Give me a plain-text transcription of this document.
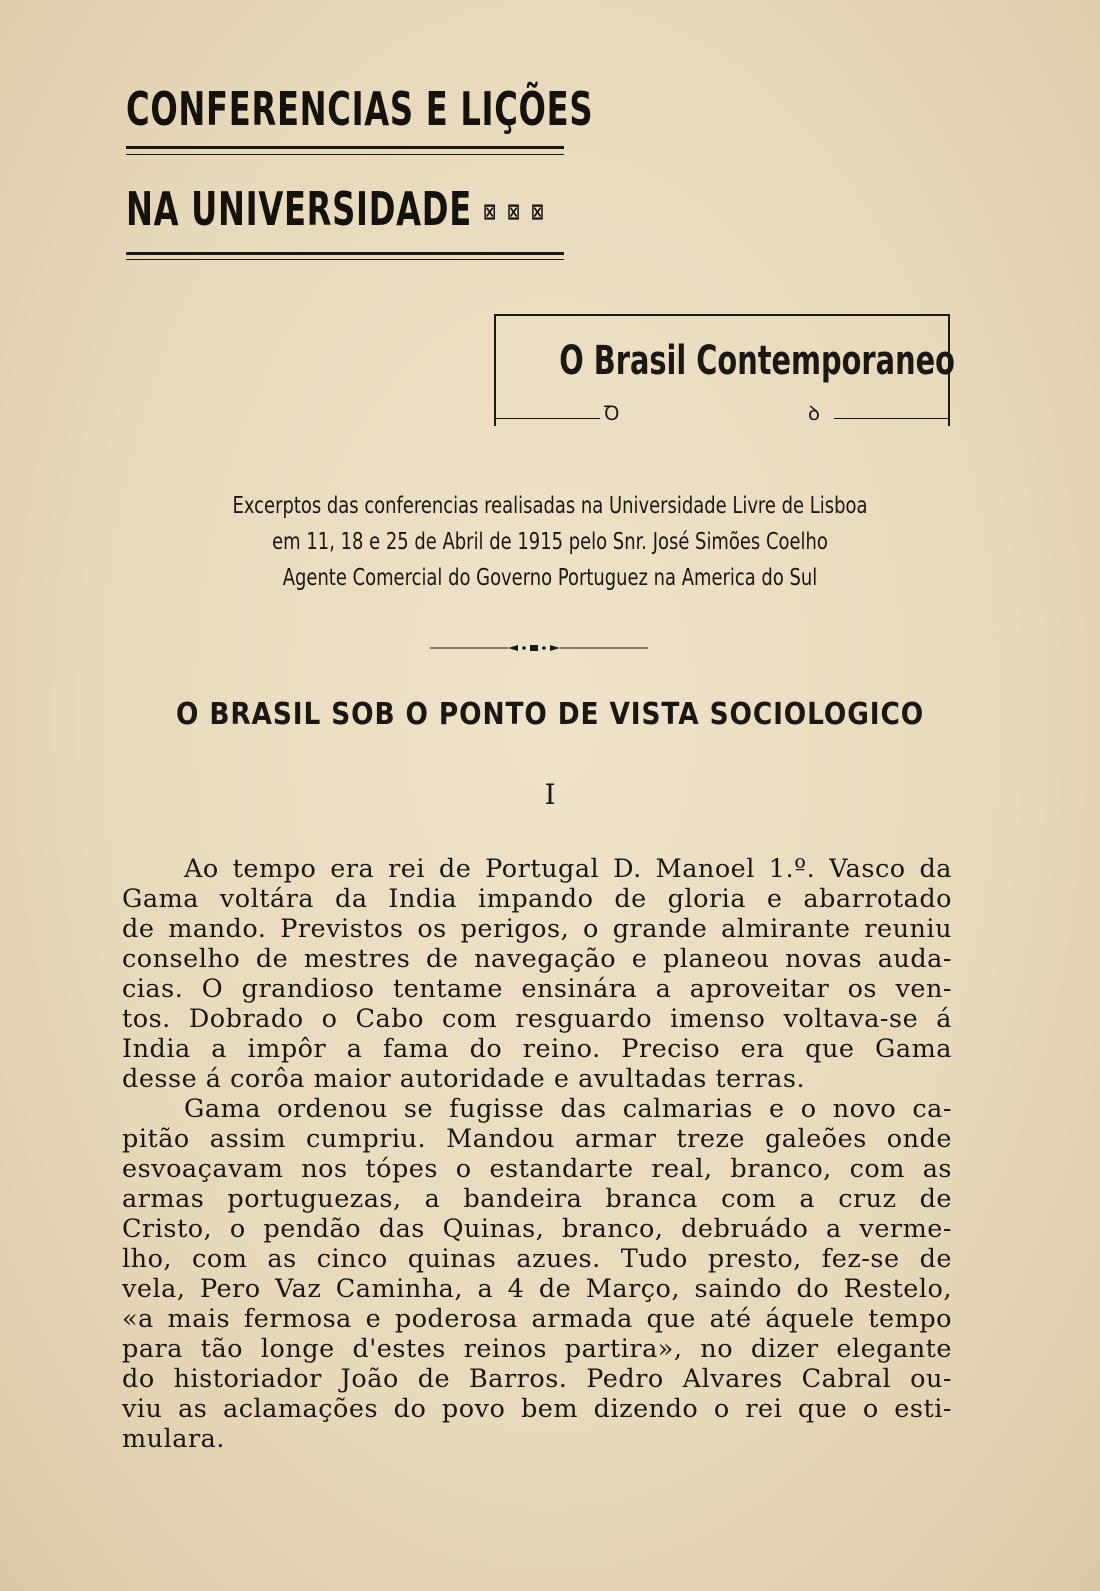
CONFERENCIAS E LIÇÕES
NA UNIVERSIDADE ⊠ ⊠ ⊠
O Brasil Contemporaneo
Ꝺ	ꝺ
Excerptos das conferencias realisadas na Universidade Livre de Lisboa
em 11, 18 e 25 de Abril de 1915 pelo Snr. José Simões Coelho
Agente Comercial do Governo Portuguez na America do Sul
O BRASIL SOB O PONTO DE VISTA SOCIOLOGICO
I
Ao tempo era rei de Portugal D. Manoel 1.º. Vasco da
Gama voltára da India impando de gloria e abarrotado
de mando. Previstos os perigos, o grande almirante reuniu
conselho de mestres de navegação e planeou novas auda-
cias. O grandioso tentame ensinára a aproveitar os ven-
tos. Dobrado o Cabo com resguardo imenso voltava-se á
India a impôr a fama do reino. Preciso era que Gama
desse á corôa maior autoridade e avultadas terras.
Gama ordenou se fugisse das calmarias e o novo ca-
pitão assim cumpriu. Mandou armar treze galeões onde
esvoaçavam nos tópes o estandarte real, branco, com as
armas portuguezas, a bandeira branca com a cruz de
Cristo, o pendão das Quinas, branco, debruádo a verme-
lho, com as cinco quinas azues. Tudo presto, fez-se de
vela, Pero Vaz Caminha, a 4 de Março, saindo do Restelo,
«a mais fermosa e poderosa armada que até áquele tempo
para tão longe d'estes reinos partira», no dizer elegante
do historiador João de Barros. Pedro Alvares Cabral ou-
viu as aclamações do povo bem dizendo o rei que o esti-
mulara.
